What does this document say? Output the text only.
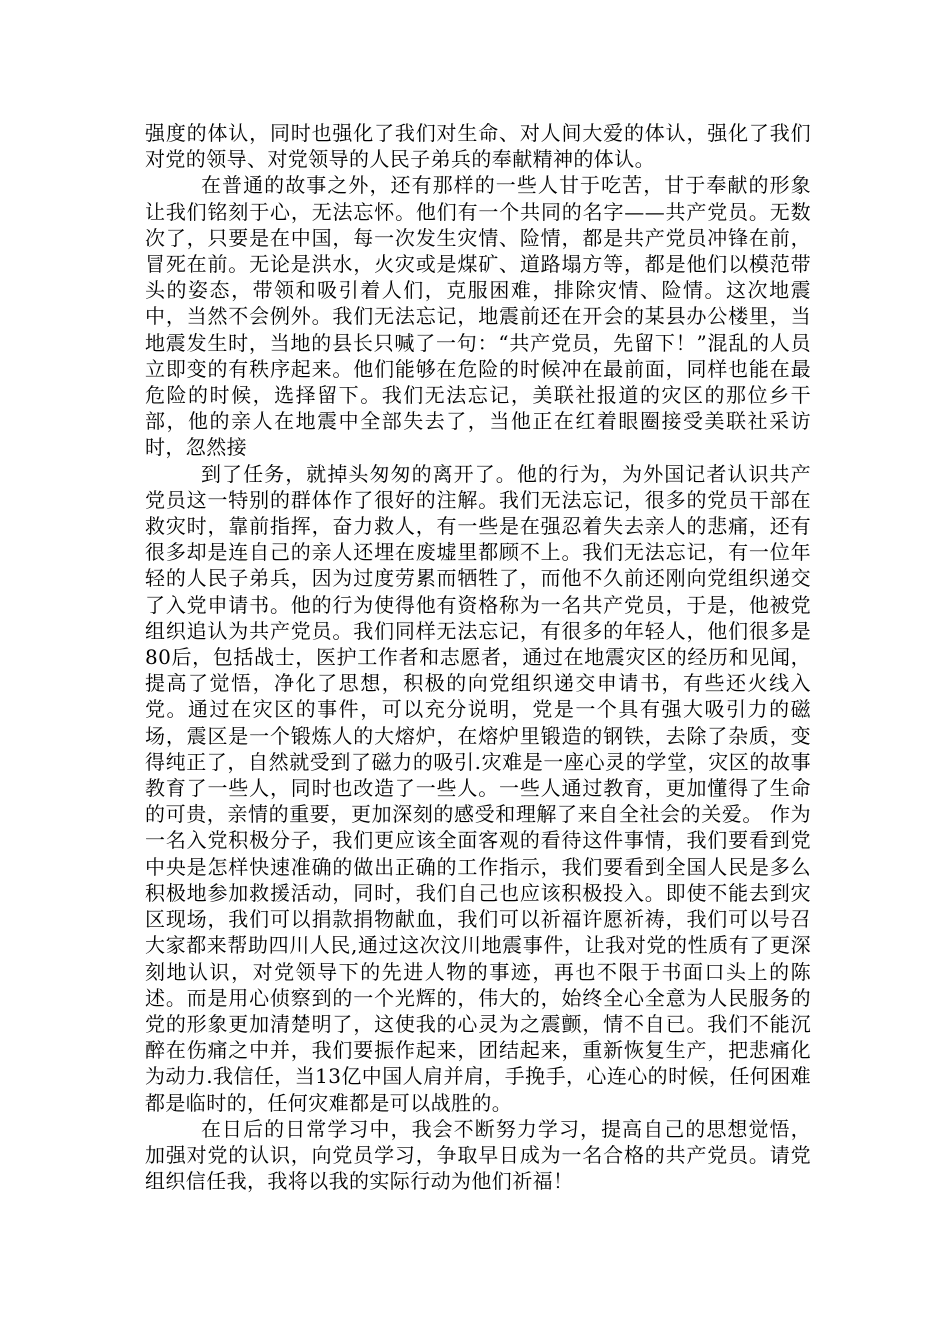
强度的体认，同时也强化了我们对生命、对人间大爱的体认，强化了我们对党的领导、对党领导的人民子弟兵的奉献精神的体认。

在普通的故事之外，还有那样的一些人甘于吃苦，甘于奉献的形象让我们铭刻于心，无法忘怀。他们有一个共同的名字——共产党员。无数次了，只要是在中国，每一次发生灾情、险情，都是共产党员冲锋在前，冒死在前。无论是洪水，火灾或是煤矿、道路塌方等，都是他们以模范带头的姿态，带领和吸引着人们，克服困难，排除灾情、险情。这次地震中，当然不会例外。我们无法忘记，地震前还在开会的某县办公楼里，当地震发生时，当地的县长只喊了一句：“共产党员，先留下！”混乱的人员立即变的有秩序起来。他们能够在危险的时候冲在最前面，同样也能在最危险的时候，选择留下。我们无法忘记，美联社报道的灾区的那位乡干部，他的亲人在地震中全部失去了，当他正在红着眼圈接受美联社采访时，忽然接

到了任务，就掉头匆匆的离开了。他的行为，为外国记者认识共产党员这一特别的群体作了很好的注解。我们无法忘记，很多的党员干部在救灾时，靠前指挥，奋力救人，有一些是在强忍着失去亲人的悲痛，还有很多却是连自己的亲人还埋在废墟里都顾不上。我们无法忘记，有一位年轻的人民子弟兵，因为过度劳累而牺牲了，而他不久前还刚向党组织递交了入党申请书。他的行为使得他有资格称为一名共产党员，于是，他被党组织追认为共产党员。我们同样无法忘记，有很多的年轻人，他们很多是80后，包括战士，医护工作者和志愿者，通过在地震灾区的经历和见闻，提高了觉悟，净化了思想，积极的向党组织递交申请书，有些还火线入党。通过在灾区的事件，可以充分说明，党是一个具有强大吸引力的磁场，震区是一个锻炼人的大熔炉，在熔炉里锻造的钢铁，去除了杂质，变得纯正了，自然就受到了磁力的吸引.灾难是一座心灵的学堂，灾区的故事教育了一些人，同时也改造了一些人。一些人通过教育，更加懂得了生命的可贵，亲情的重要，更加深刻的感受和理解了来自全社会的关爱。 作为一名入党积极分子，我们更应该全面客观的看待这件事情，我们要看到党中央是怎样快速准确的做出正确的工作指示，我们要看到全国人民是多么积极地参加救援活动，同时，我们自己也应该积极投入。即使不能去到灾区现场，我们可以捐款捐物献血，我们可以祈福许愿祈祷，我们可以号召大家都来帮助四川人民,通过这次汶川地震事件，让我对党的性质有了更深刻地认识，对党领导下的先进人物的事迹，再也不限于书面口头上的陈述。而是用心侦察到的一个光辉的，伟大的，始终全心全意为人民服务的党的形象更加清楚明了，这使我的心灵为之震颤，情不自已。我们不能沉醉在伤痛之中并，我们要振作起来，团结起来，重新恢复生产，把悲痛化为动力.我信任，当13亿中国人肩并肩，手挽手，心连心的时候，任何困难都是临时的，任何灾难都是可以战胜的。

在日后的日常学习中，我会不断努力学习，提高自己的思想觉悟，加强对党的认识，向党员学习，争取早日成为一名合格的共产党员。请党组织信任我，我将以我的实际行动为他们祈福！
